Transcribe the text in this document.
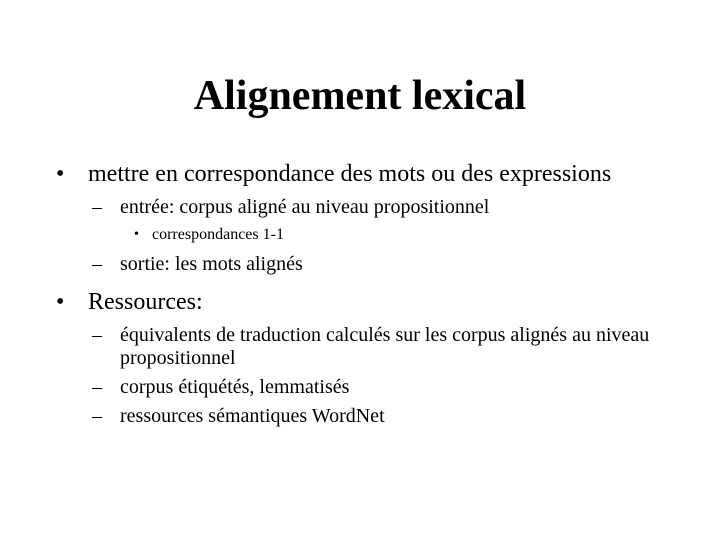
Alignement lexical
• mettre en correspondance des mots ou des expressions
– entrée: corpus aligné au niveau propositionnel
• correspondances 1-1
– sortie: les mots alignés
• Ressources:
– équivalents de traduction calculés sur les corpus alignés au niveau propositionnel
– corpus étiquétés, lemmatisés
– ressources sémantiques WordNet
